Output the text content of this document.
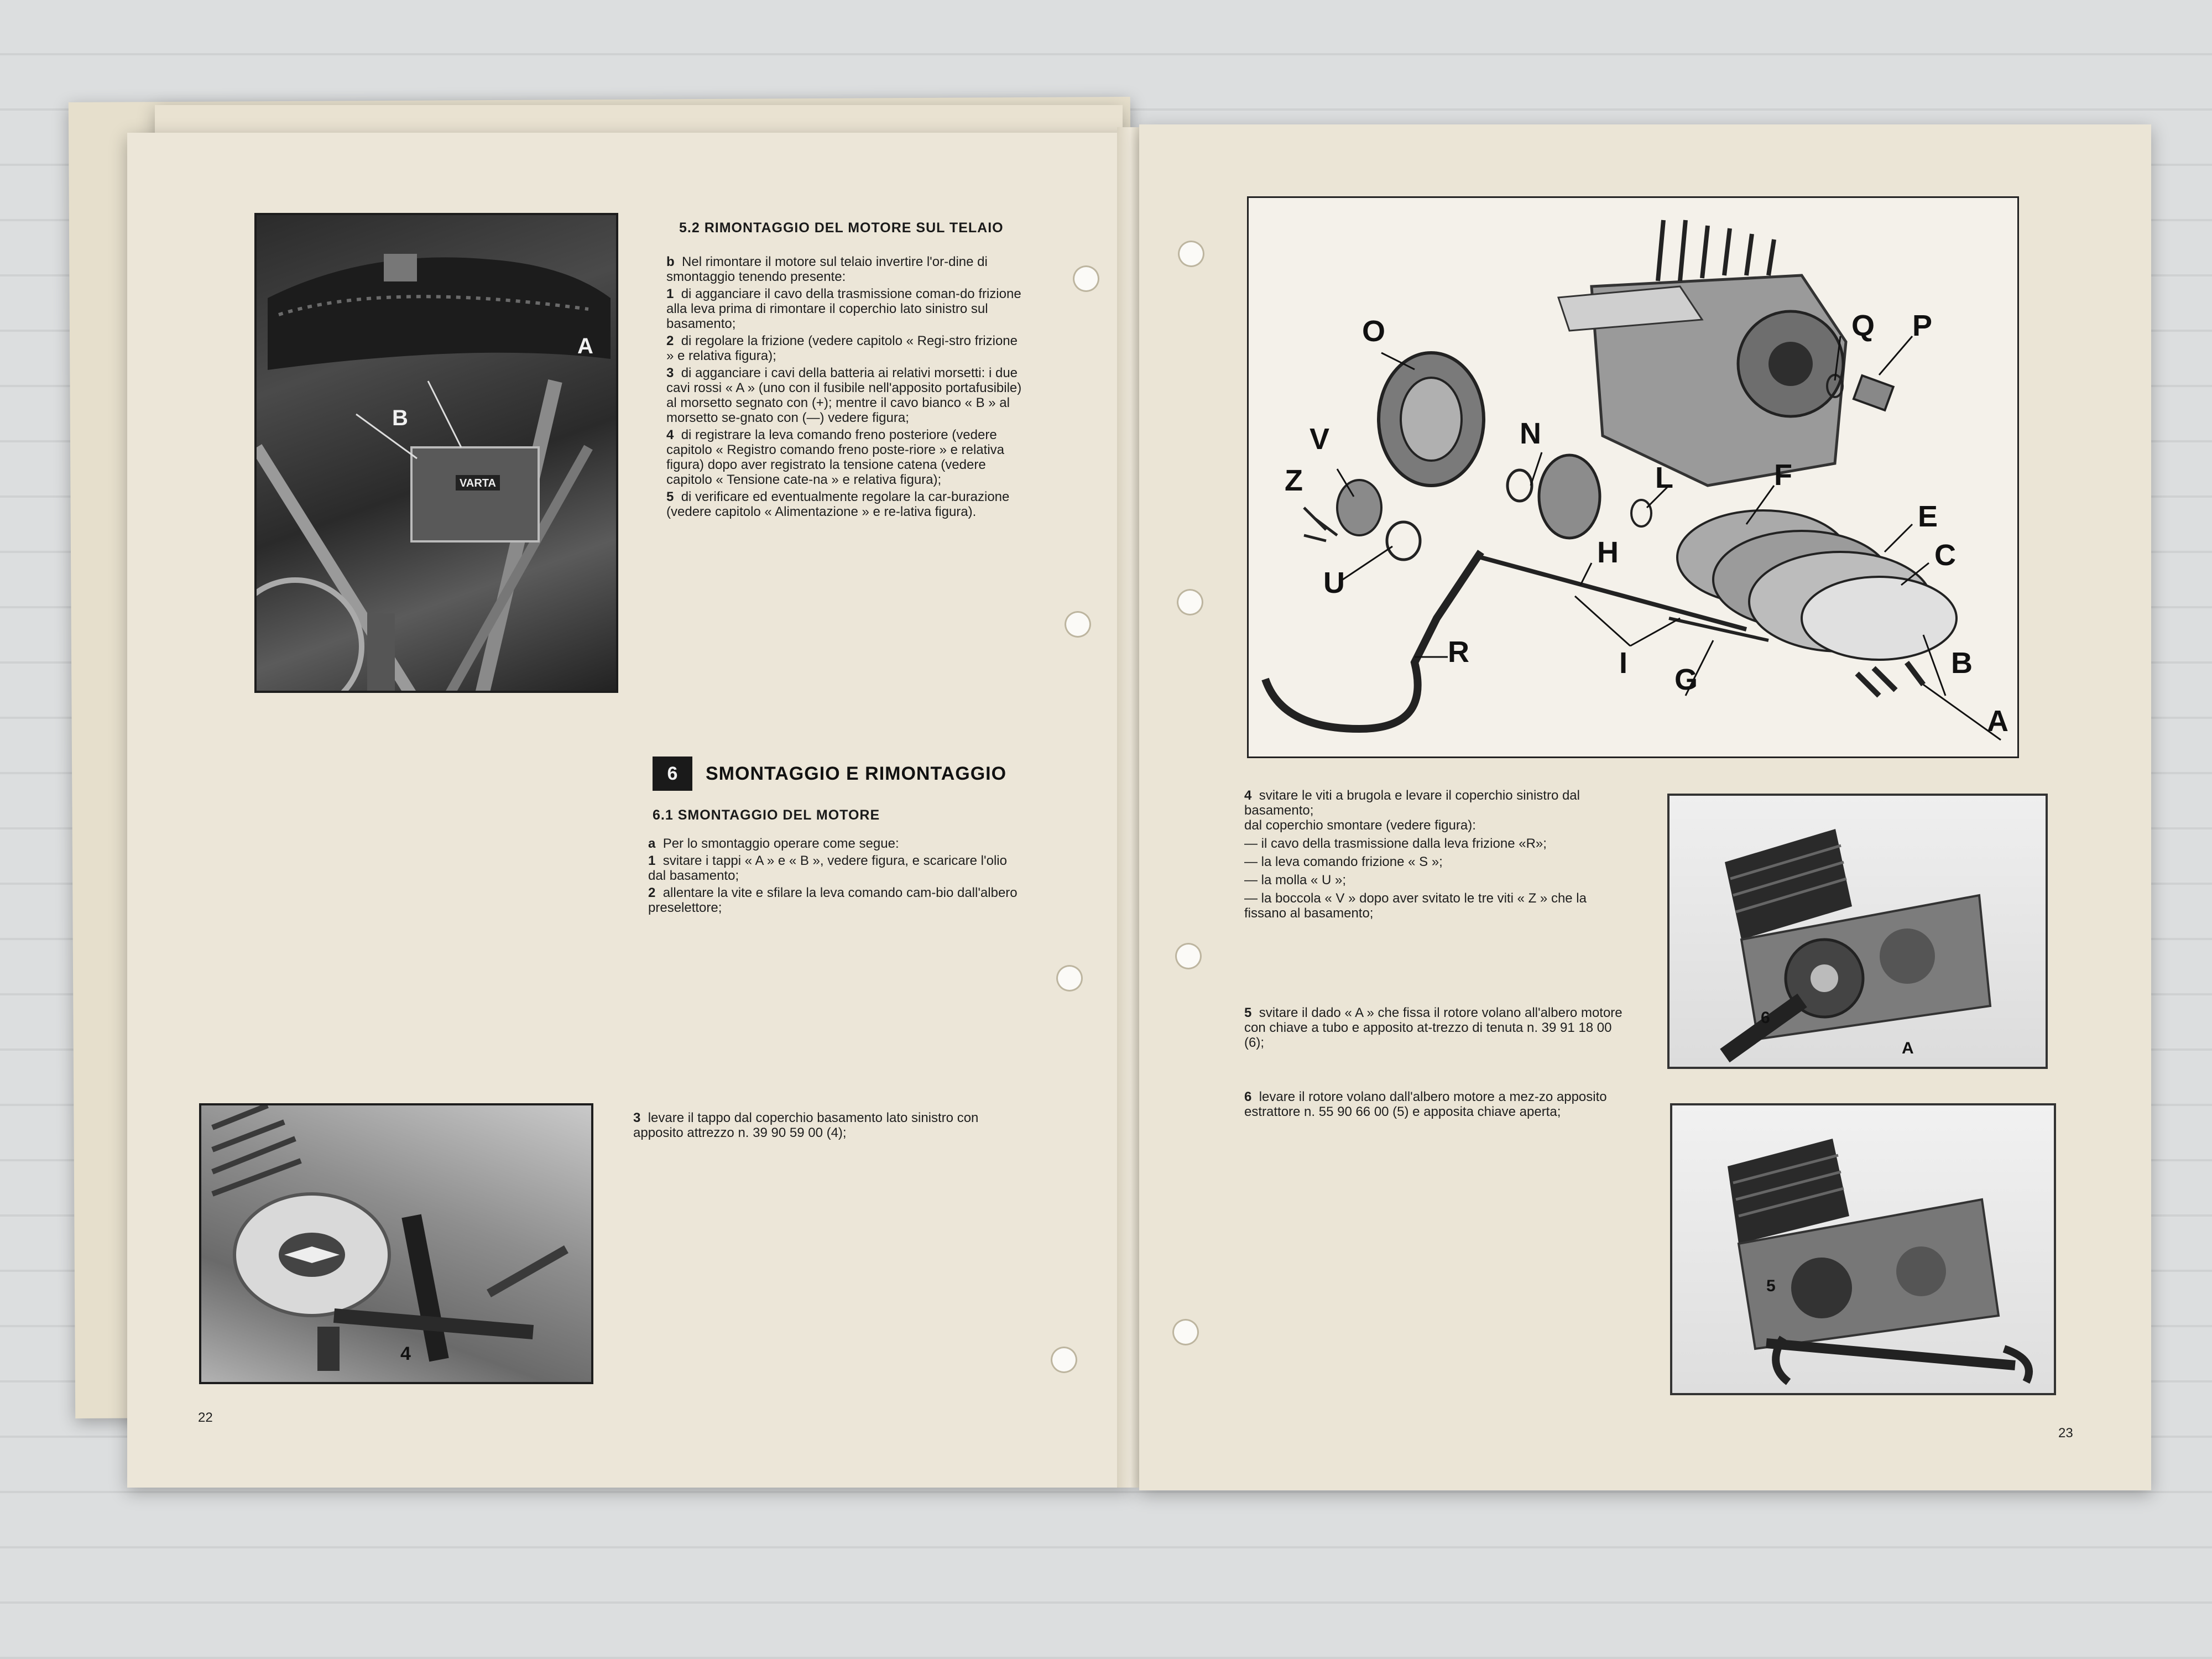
VARTA
A
B
5.2 RIMONTAGGIO DEL MOTORE SUL TELAIO

b Nel rimontare il motore sul telaio invertire l'or-dine di smontaggio tenendo presente:

1 di agganciare il cavo della trasmissione coman-do frizione alla leva prima di rimontare il coperchio lato sinistro sul basamento;

2 di regolare la frizione (vedere capitolo « Regi-stro frizione » e relativa figura);

3 di agganciare i cavi della batteria ai relativi morsetti: i due cavi rossi « A » (uno con il fusibile nell'apposito portafusibile) al morsetto segnato con (+); mentre il cavo bianco « B » al morsetto se-gnato con (—) vedere figura;

4 di registrare la leva comando freno posteriore (vedere capitolo « Registro comando freno poste-riore » e relativa figura) dopo aver registrato la tensione catena (vedere capitolo « Tensione cate-na » e relativa figura);

5 di verificare ed eventualmente regolare la car-burazione (vedere capitolo « Alimentazione » e re-lativa figura).

6	SMONTAGGIO E RIMONTAGGIO
6.1 SMONTAGGIO DEL MOTORE

a Per lo smontaggio operare come segue:

1 svitare i tappi « A » e « B », vedere figura, e scaricare l'olio dal basamento;

2 allentare la vite e sfilare la leva comando cam-bio dall'albero preselettore;

4

3 levare il tappo dal coperchio basamento lato sinistro con apposito attrezzo n. 39 90 59 00 (4);

22
O	Q P
V	N
Z	L	F
E
C
U
H
R	I G	B
A

4 svitare le viti a brugola e levare il coperchio sinistro dal basamento;

dal coperchio smontare (vedere figura):

— il cavo della trasmissione dalla leva frizione «R»;

— la leva comando frizione « S »;

— la molla « U »;

— la boccola « V » dopo aver svitato le tre viti « Z » che la fissano al basamento;

6
A

5 svitare il dado « A » che fissa il rotore volano all'albero motore con chiave a tubo e apposito at-trezzo di tenuta n. 39 91 18 00 (6);

5

6 levare il rotore volano dall'albero motore a mez-zo apposito estrattore n. 55 90 66 00 (5) e apposita chiave aperta;

23
